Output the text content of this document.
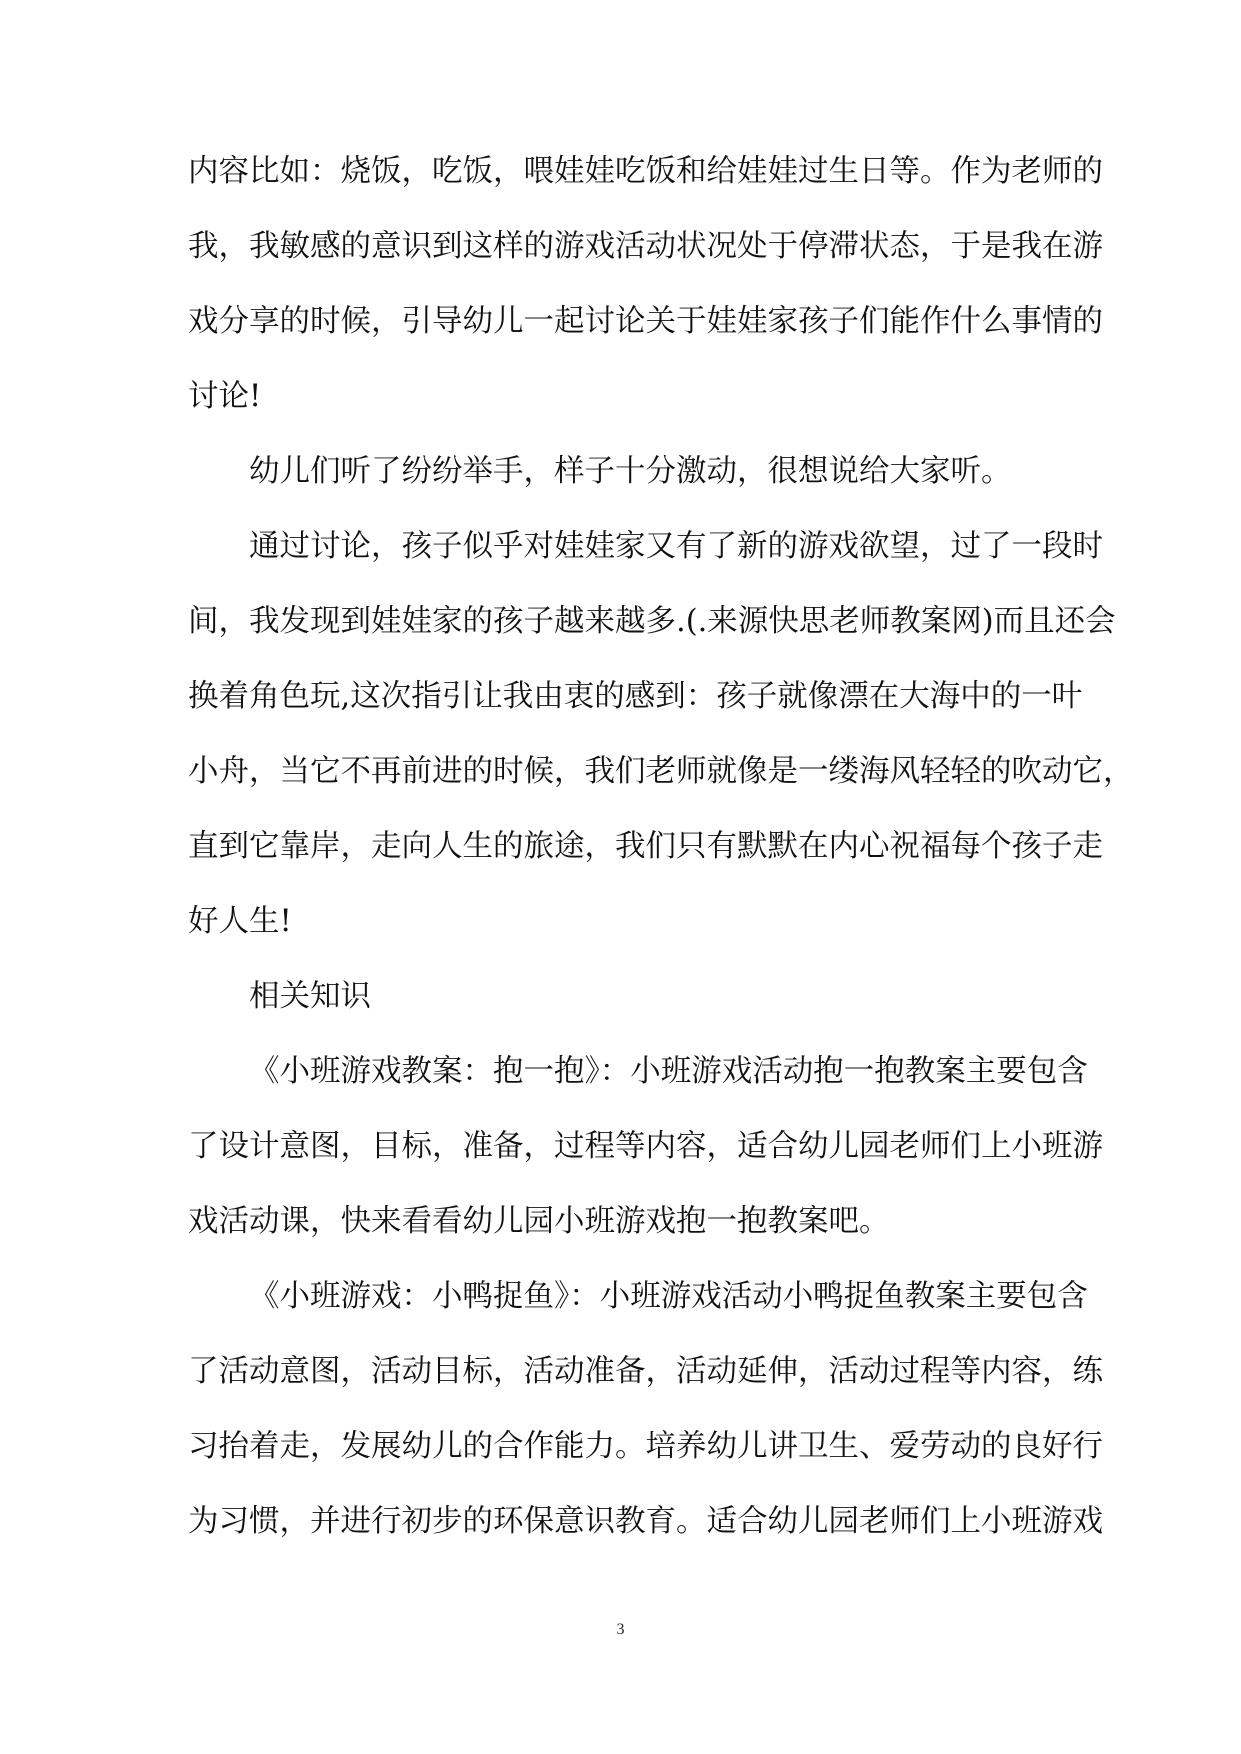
内容比如：烧饭，吃饭，喂娃娃吃饭和给娃娃过生日等。作为老师的
我，我敏感的意识到这样的游戏活动状况处于停滞状态，于是我在游
戏分享的时候，引导幼儿一起讨论关于娃娃家孩子们能作什么事情的
讨论!
幼儿们听了纷纷举手，样子十分激动，很想说给大家听。
通过讨论，孩子似乎对娃娃家又有了新的游戏欲望，过了一段时
间，我发现到娃娃家的孩子越来越多.(.来源快思老师教案网)而且还会
换着角色玩,这次指引让我由衷的感到：孩子就像漂在大海中的一叶
小舟，当它不再前进的时候，我们老师就像是一缕海风轻轻的吹动它，
直到它靠岸，走向人生的旅途，我们只有默默在内心祝福每个孩子走
好人生!
相关知识
《小班游戏教案：抱一抱》：小班游戏活动抱一抱教案主要包含
了设计意图，目标，准备，过程等内容，适合幼儿园老师们上小班游
戏活动课，快来看看幼儿园小班游戏抱一抱教案吧。
《小班游戏：小鸭捉鱼》：小班游戏活动小鸭捉鱼教案主要包含
了活动意图，活动目标，活动准备，活动延伸，活动过程等内容，练
习抬着走，发展幼儿的合作能力。培养幼儿讲卫生、爱劳动的良好行
为习惯，并进行初步的环保意识教育。适合幼儿园老师们上小班游戏
3
